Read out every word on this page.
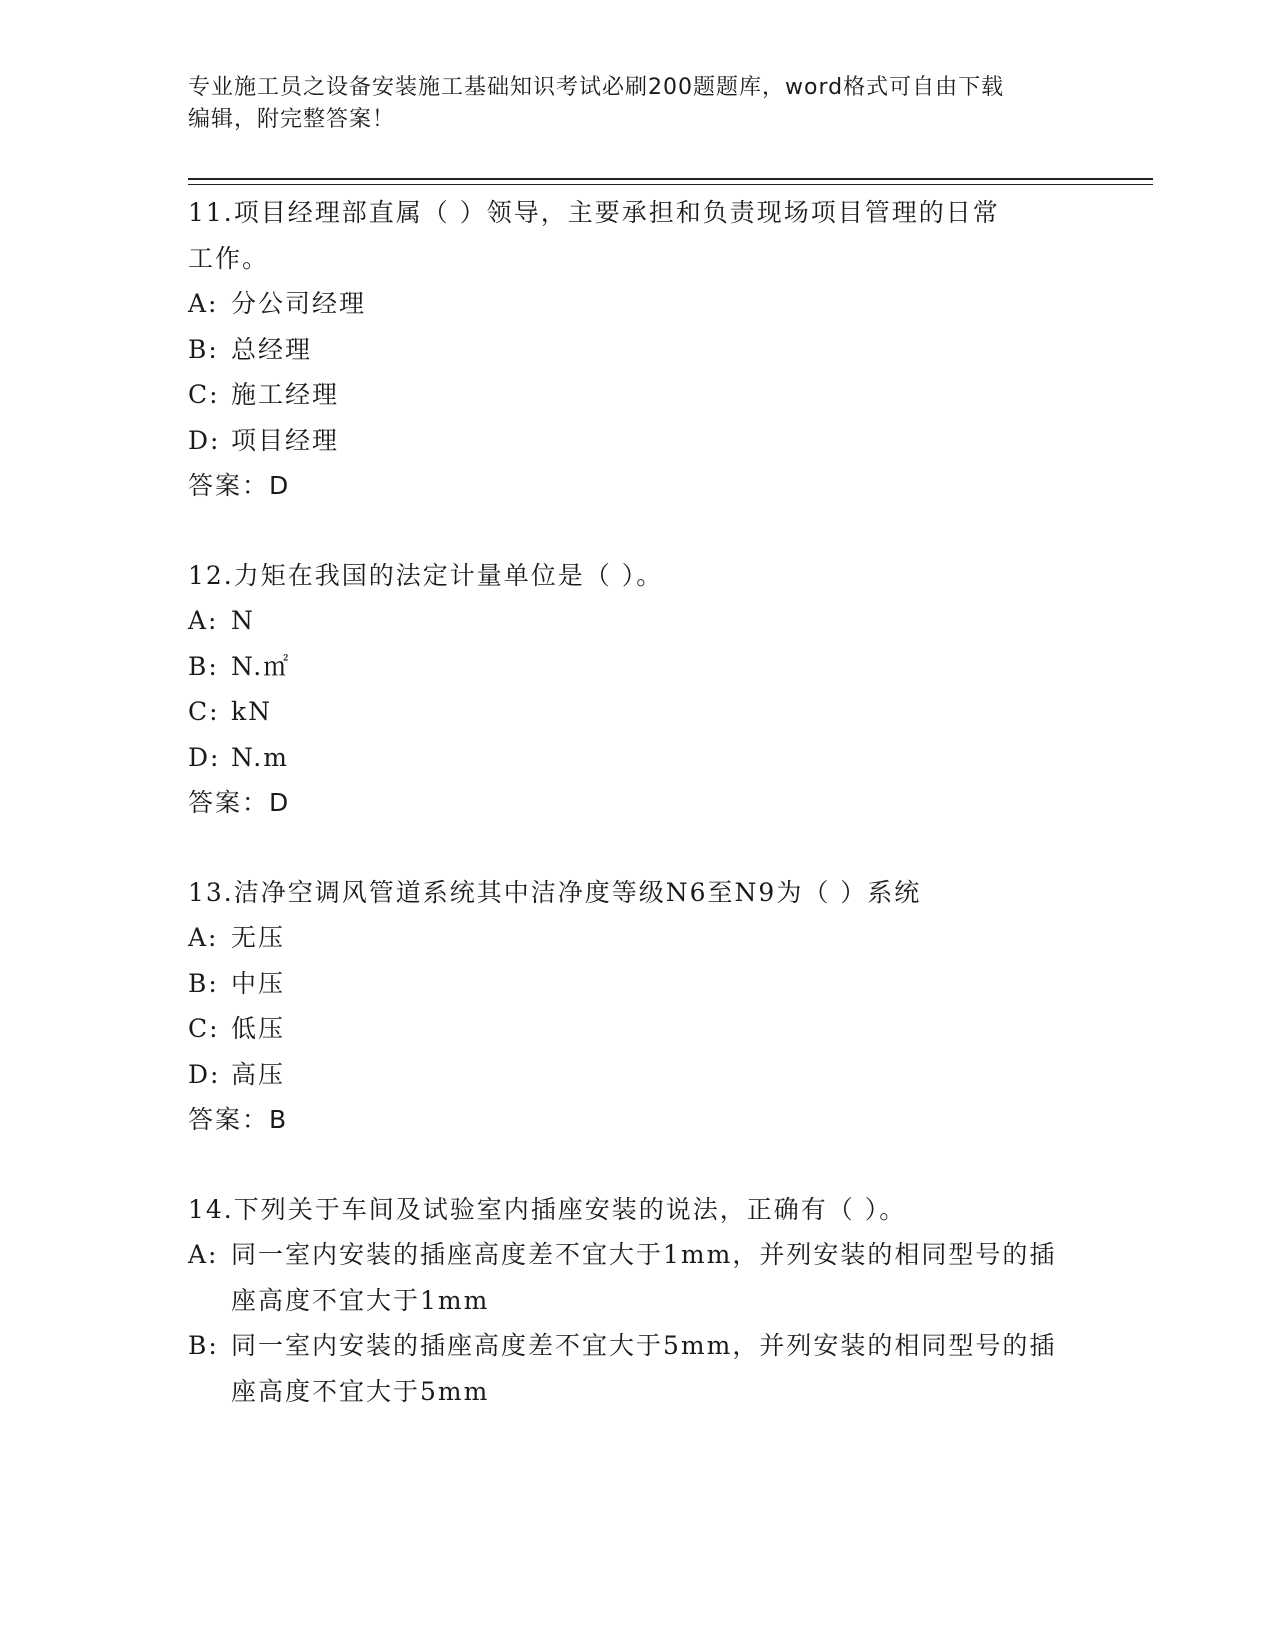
专业施工员之设备安装施工基础知识考试必刷200题题库，word格式可自由下载
编辑，附完整答案！
11.项目经理部直属（ ）领导，主要承担和负责现场项目管理的日常
工作。
A: 分公司经理
B: 总经理
C: 施工经理
D: 项目经理
答案：D
12.力矩在我国的法定计量单位是（ ）。
A: N
B: N.㎡
C: kN
D: N.m
答案：D
13.洁净空调风管道系统其中洁净度等级N6至N9为（ ）系统
A: 无压
B: 中压
C: 低压
D: 高压
答案：B
14.下列关于车间及试验室内插座安装的说法，正确有（ ）。
A: 同一室内安装的插座高度差不宜大于1mm，并列安装的相同型号的插座高度不宜大于1mm
B: 同一室内安装的插座高度差不宜大于5mm，并列安装的相同型号的插座高度不宜大于5mm
